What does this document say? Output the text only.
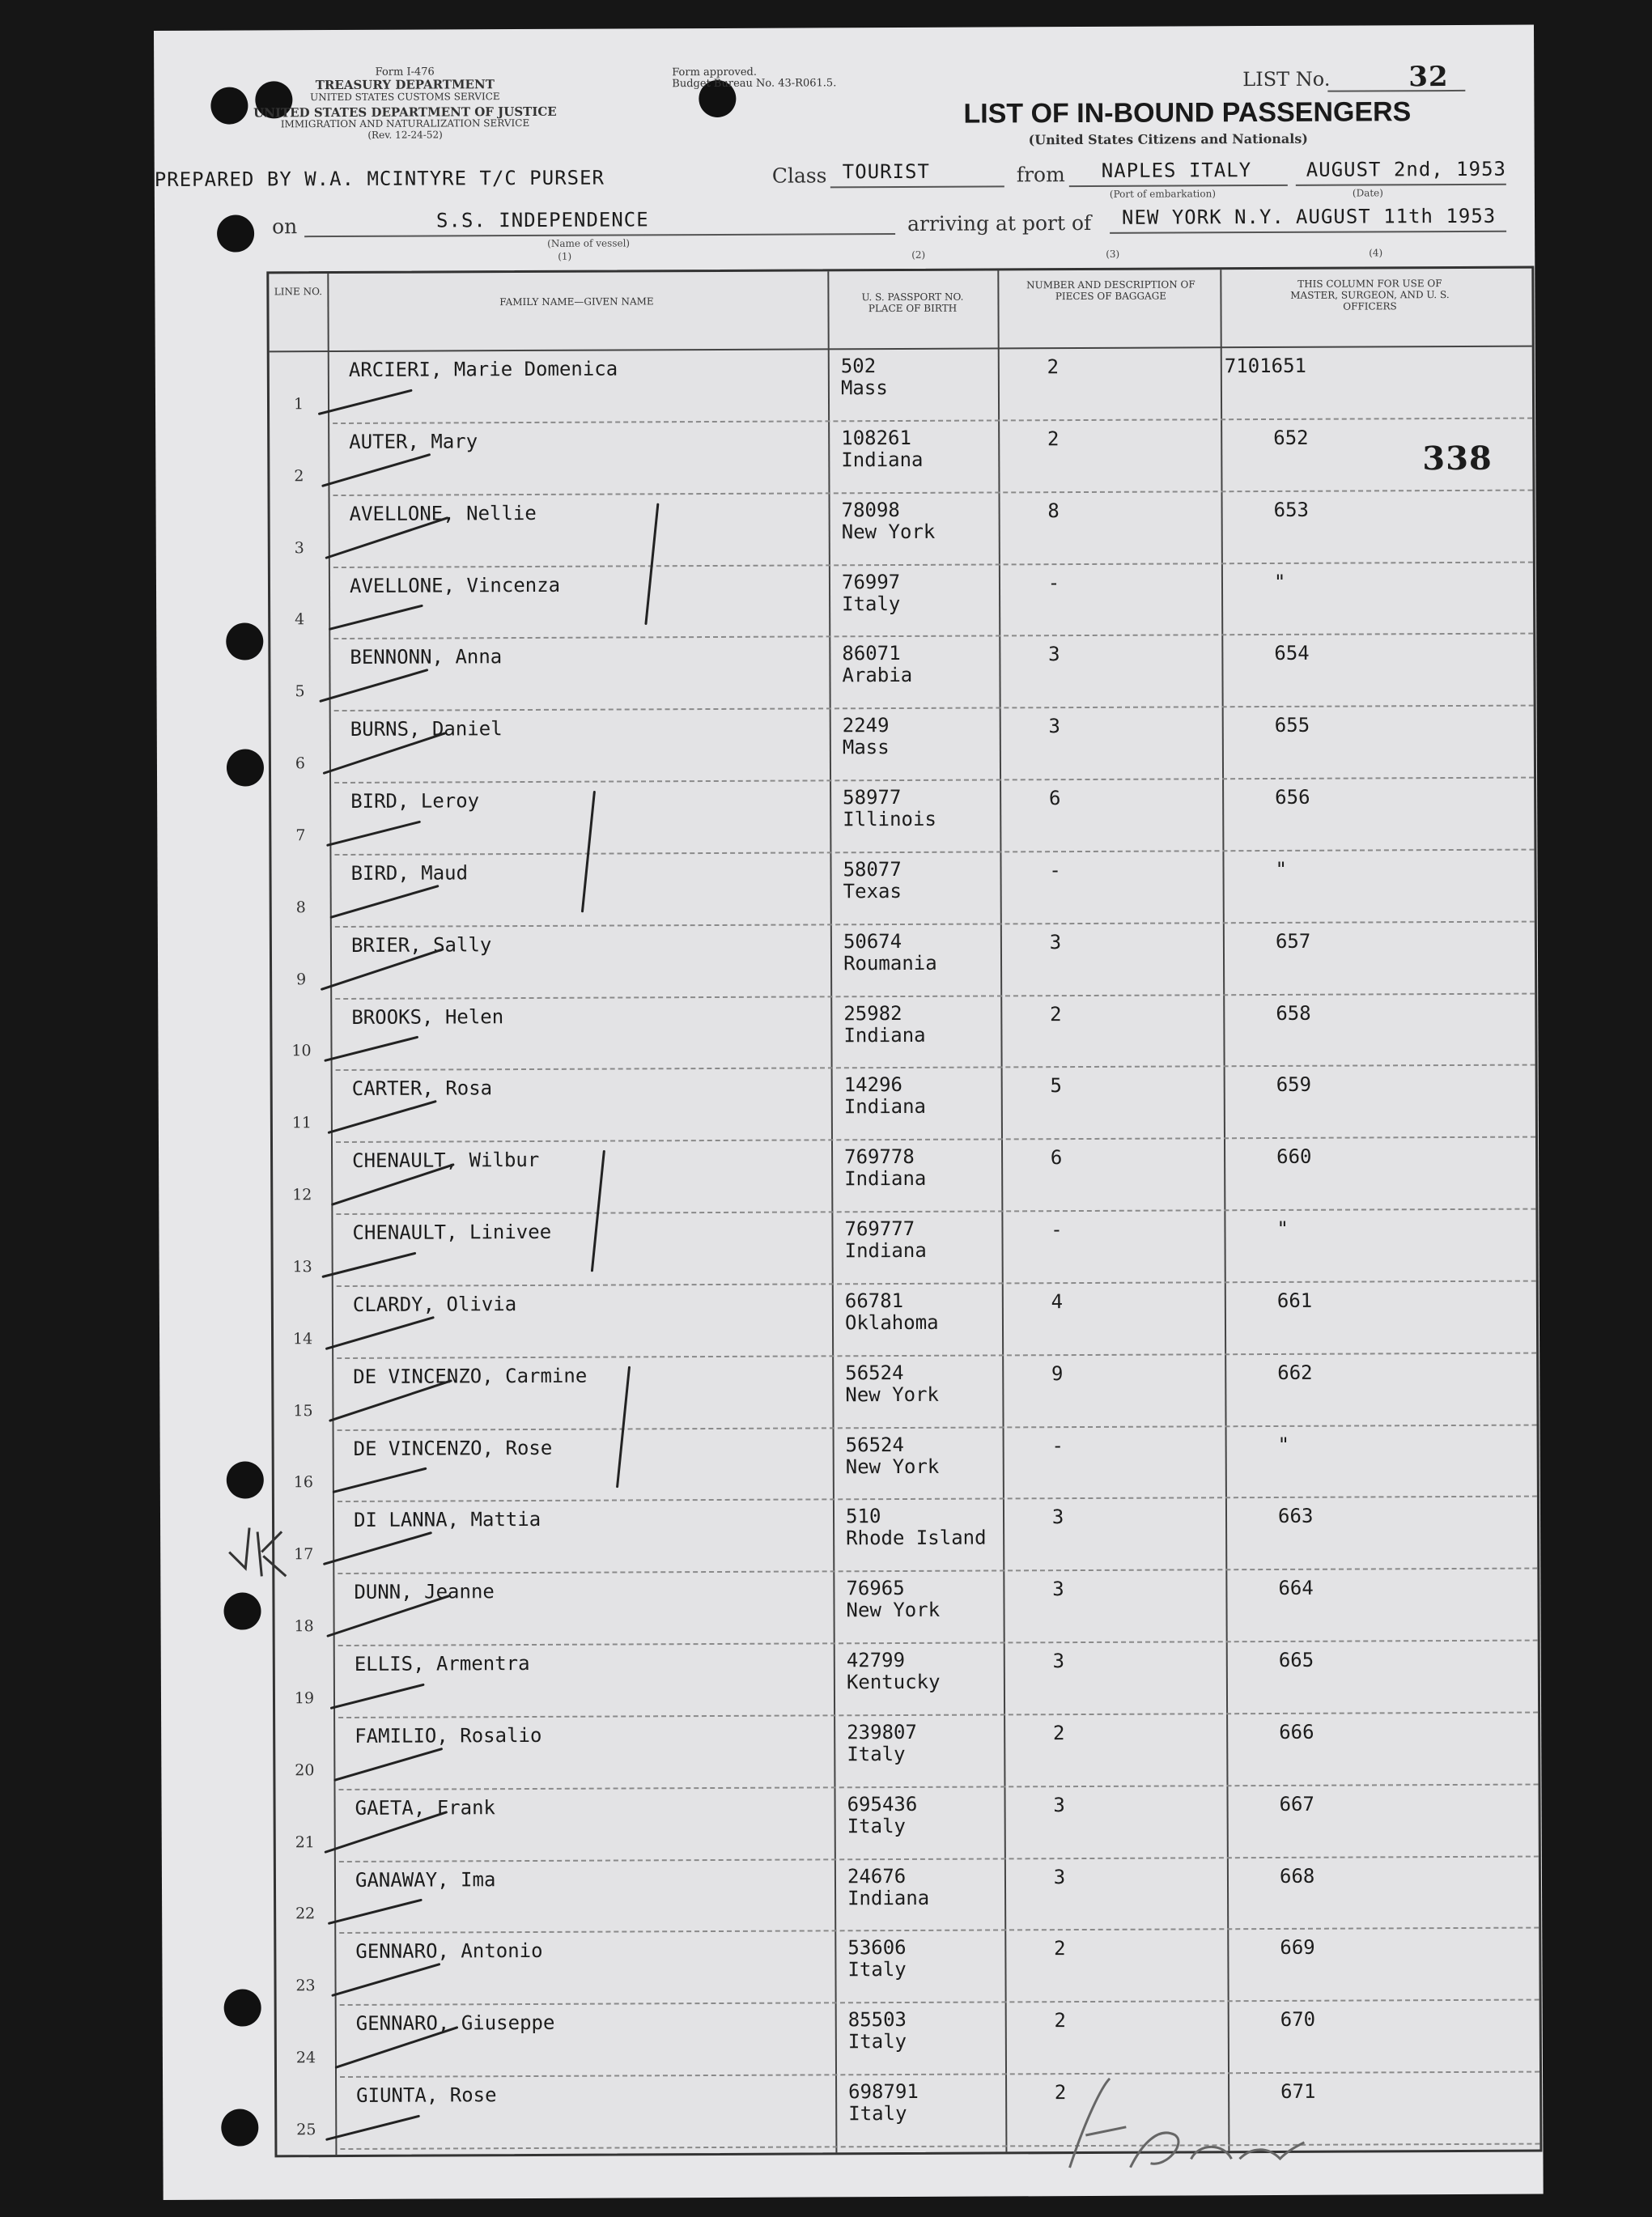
Form I-476
TREASURY DEPARTMENT
UNITED STATES CUSTOMS SERVICE
UNITED STATES DEPARTMENT OF JUSTICE
IMMIGRATION AND NATURALIZATION SERVICE
(Rev. 12-24-52)
Form approved.
Budget Bureau No. 43-R061.5.	LIST No.	32
LIST OF IN-BOUND PASSENGERS
(United States Citizens and Nationals)
PREPARED BY W.A. MCINTYRE T/C PURSER	Class TOURIST	from NAPLES ITALY
(Port of embarkation)
AUGUST 2nd, 1953
(Date)
on	S.S. INDEPENDENCE
(Name of vessel)
(1)
arriving at port of NEW YORK N.Y. AUGUST 11th 1953
(2)	(3)	(4)
LINE NO.
FAMILY NAME—GIVEN NAME	U. S. PASSPORT NO. PLACE OF BIRTH
NUMBER AND DESCRIPTION OF PIECES OF BAGGAGE
THIS COLUMN FOR USE OF MASTER, SURGEON, AND U. S. OFFICERS
1
ARCIERI, Marie Domenica	502
Mass
2	7101651
2
AUTER, Mary	108261
Indiana
2	652
3
AVELLONE, Nellie	78098
New York
8	653
4
AVELLONE, Vincenza	76997
Italy
-	"
5
BENNONN, Anna	86071
Arabia
3	654
6
BURNS, Daniel	2249
Mass
3	655
7
BIRD, Leroy	58977
Illinois
6	656
8
BIRD, Maud	58077
Texas
-	"
9
BRIER, Sally	50674
Roumania
3	657
10
BROOKS, Helen	25982
Indiana
2	658
11
CARTER, Rosa	14296
Indiana
5	659
12
CHENAULT, Wilbur	769778
Indiana
6	660
13
CHENAULT, Linivee	769777
Indiana
-	"
14
CLARDY, Olivia	66781
Oklahoma
4	661
15
DE VINCENZO, Carmine	56524
New York
9	662
16
DE VINCENZO, Rose	56524
New York
-	"
17
DI LANNA, Mattia	510
Rhode Island
3	663
18
DUNN, Jeanne	76965
New York
3	664
19
ELLIS, Armentra	42799
Kentucky
3	665
20
FAMILIO, Rosalio	239807
Italy
2	666
21
GAETA, Frank	695436
Italy
3	667
22
GANAWAY, Ima	24676
Indiana
3	668
23
GENNARO, Antonio	53606
Italy
2	669
24
GENNARO, Giuseppe	85503
Italy
2	670
25
GIUNTA, Rose	698791
Italy
2	671
338
